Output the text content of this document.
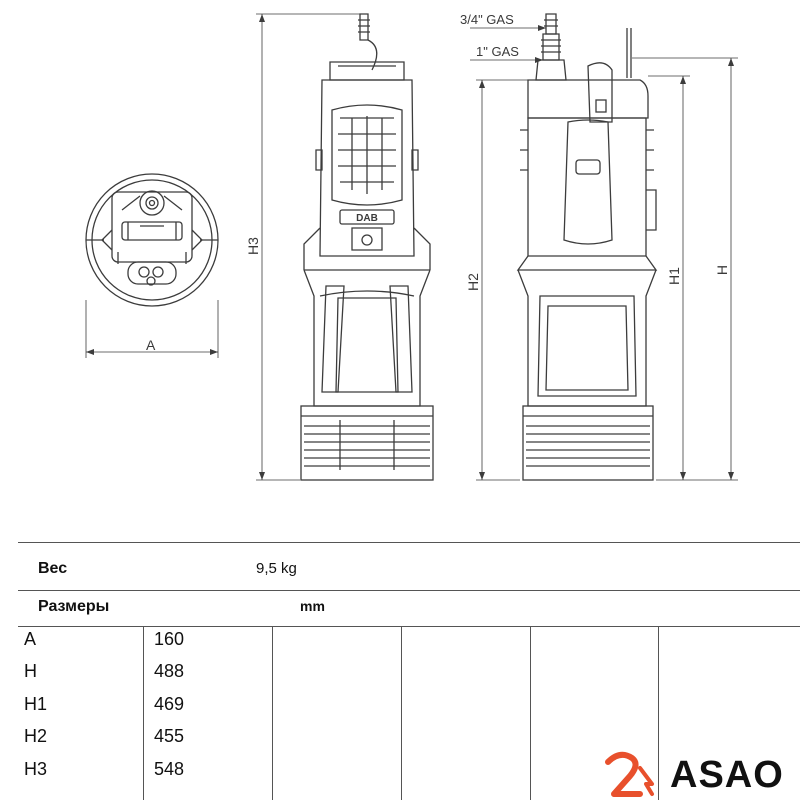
A
H3
H2	H1 H
3/4" GAS
1" GAS
DAB
Вес	9,5 kg
Размеры	mm
A	160
H	488
H1	469
H2	455
H3	548	ASAO
